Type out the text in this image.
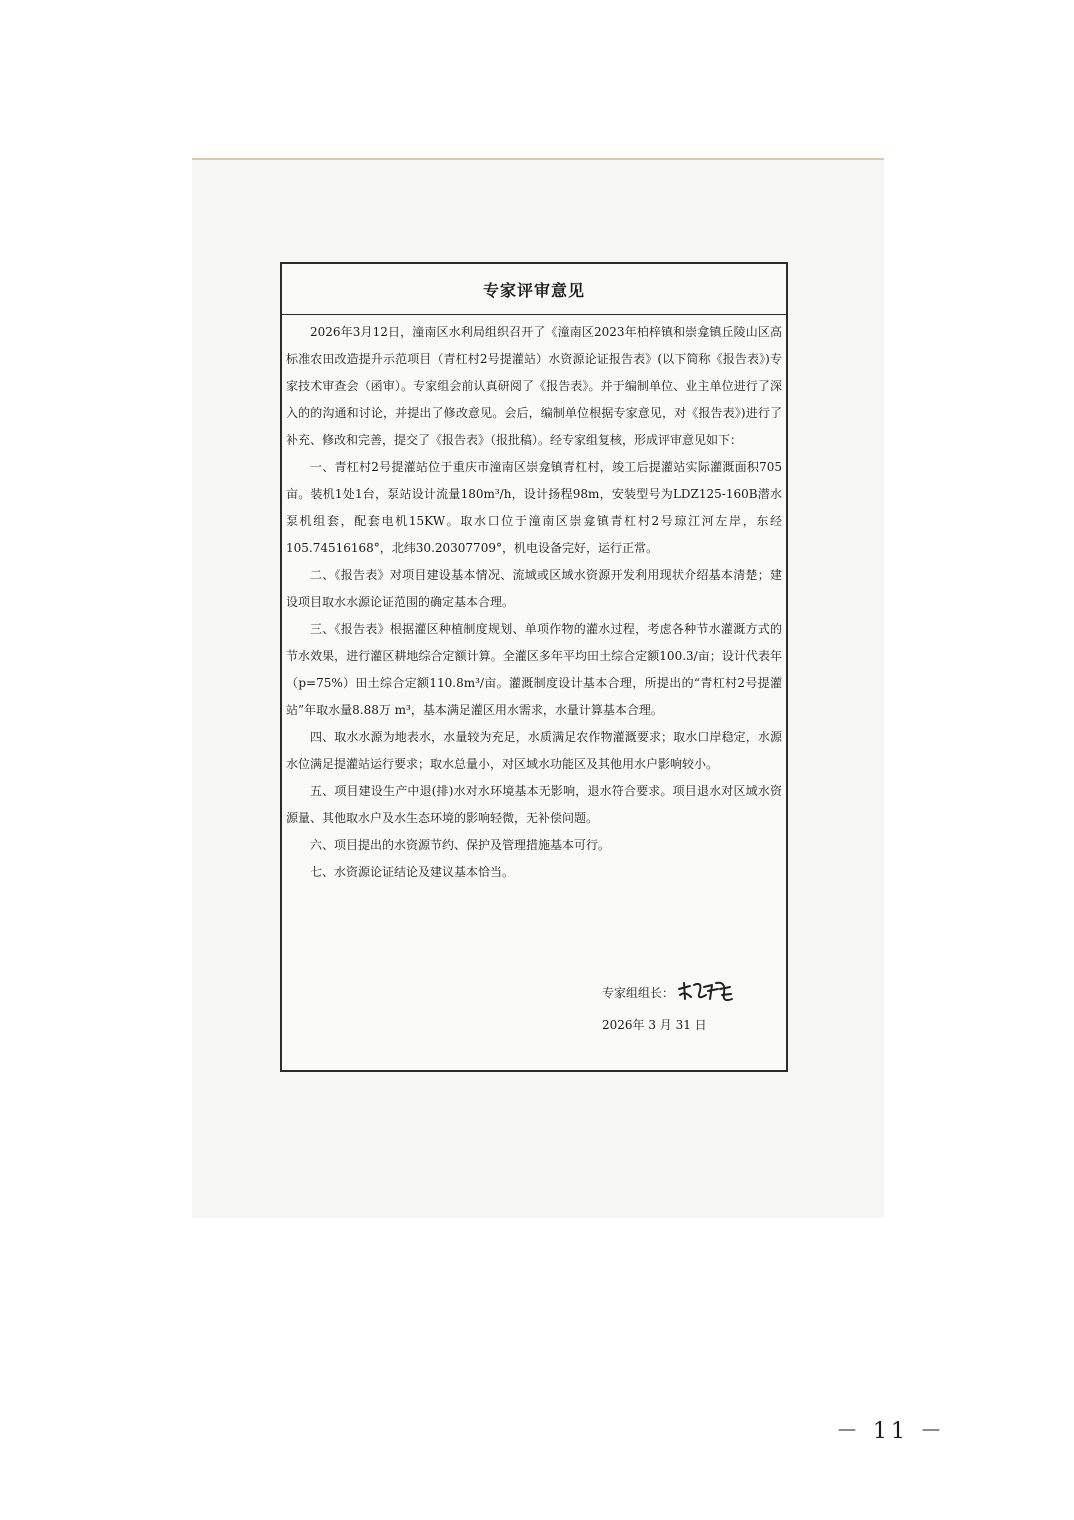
专家评审意见

2026年3月12日，潼南区水利局组织召开了《潼南区2023年柏梓镇和崇龛镇丘陵山区高标准农田改造提升示范项目（青杠村2号提灌站）水资源论证报告表》(以下简称《报告表》)专家技术审查会（函审）。专家组会前认真研阅了《报告表》。并于编制单位、业主单位进行了深入的的沟通和讨论，并提出了修改意见。会后，编制单位根据专家意见，对《报告表》)进行了补充、修改和完善，提交了《报告表》（报批稿）。经专家组复核，形成评审意见如下：

一、青杠村2号提灌站位于重庆市潼南区崇龛镇青杠村，竣工后提灌站实际灌溉面积705亩。装机1处1台，泵站设计流量180m³/h，设计扬程98m，安装型号为LDZ125-160B潜水泵机组套，配套电机15KW。取水口位于潼南区崇龛镇青杠村2号琼江河左岸，东经105.74516168°，北纬30.20307709°，机电设备完好，运行正常。

二、《报告表》对项目建设基本情况、流域或区域水资源开发利用现状介绍基本清楚；建设项目取水水源论证范围的确定基本合理。

三、《报告表》根据灌区种植制度规划、单项作物的灌水过程，考虑各种节水灌溉方式的节水效果，进行灌区耕地综合定额计算。全灌区多年平均田土综合定额100.3/亩；设计代表年（p=75%）田土综合定额110.8m³/亩。灌溉制度设计基本合理，所提出的“青杠村2号提灌站”年取水量8.88万 m³，基本满足灌区用水需求，水量计算基本合理。

四、取水水源为地表水，水量较为充足，水质满足农作物灌溉要求；取水口岸稳定，水源水位满足提灌站运行要求；取水总量小，对区域水功能区及其他用水户影响较小。

五、项目建设生产中退(排)水对水环境基本无影响，退水符合要求。项目退水对区域水资源量、其他取水户及水生态环境的影响轻微，无补偿问题。

六、项目提出的水资源节约、保护及管理措施基本可行。

七、水资源论证结论及建议基本恰当。

专家组组长：
2026年 3 月 31 日
－ 11 －
